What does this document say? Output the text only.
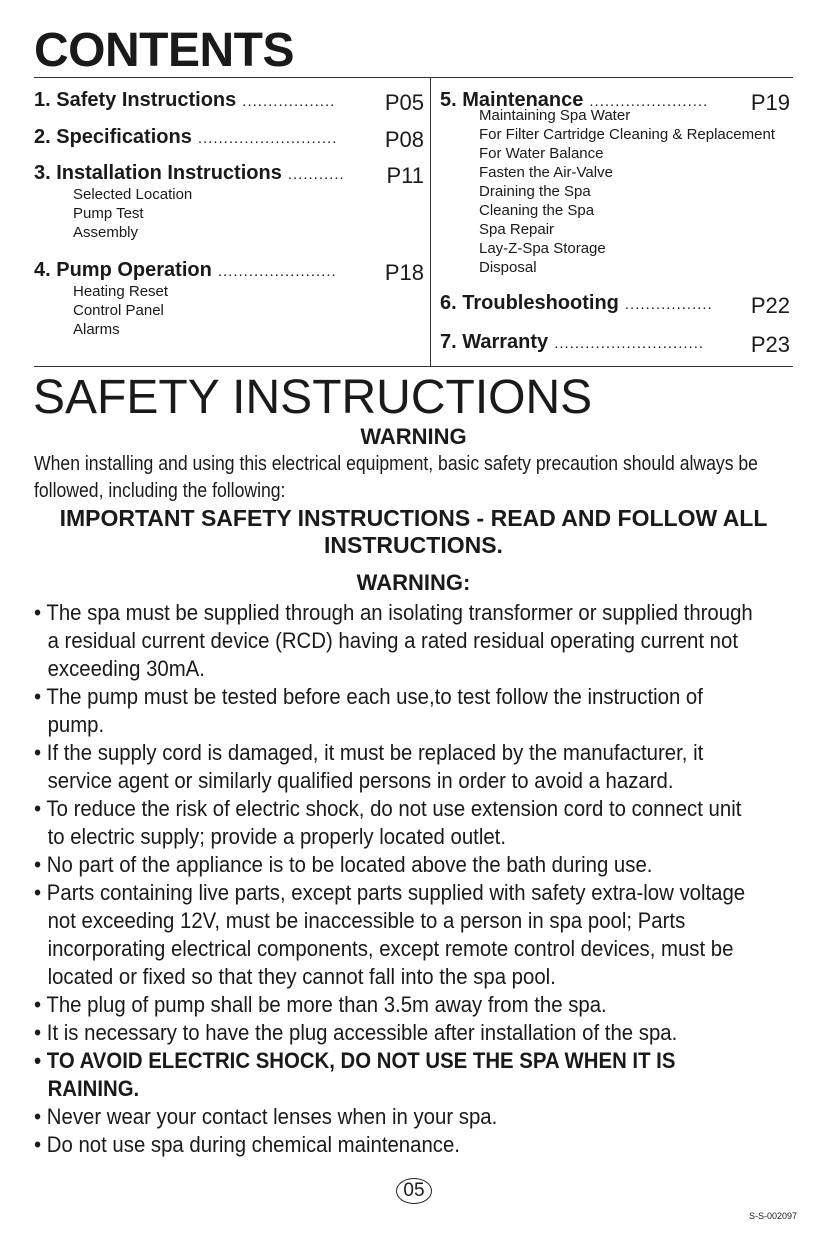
CONTENTS
1. Safety Instructions ..................	P05
2. Specifications ...........................	P08
3. Installation Instructions ...........	P11
Selected Location
Pump Test
Assembly
4. Pump Operation .......................	P18
Heating Reset
Control Panel
Alarms
5. Maintenance .......................	P19
Maintaining Spa Water
For Filter Cartridge Cleaning & Replacement
For Water Balance
Fasten the Air-Valve
Draining the Spa
Cleaning the Spa
Spa Repair
Lay-Z-Spa Storage
Disposal
6. Troubleshooting .................	P22
7. Warranty .............................	P23
SAFETY INSTRUCTIONS
WARNING

When installing and using this electrical equipment, basic safety precaution should always be followed, including the following:

IMPORTANT SAFETY INSTRUCTIONS - READ AND FOLLOW ALL INSTRUCTIONS.
WARNING:
• The spa must be supplied through an isolating transformer or supplied through a residual current device (RCD) having a rated residual operating current not exceeding 30mA.
• The pump must be tested before each use,to test follow the instruction of pump.
• If the supply cord is damaged, it must be replaced by the manufacturer, it service agent or similarly qualified persons in order to avoid a hazard.
• To reduce the risk of electric shock, do not use extension cord to connect unit to electric supply; provide a properly located outlet.
• No part of the appliance is to be located above the bath during use.
• Parts containing live parts, except parts supplied with safety extra-low voltage not exceeding 12V, must be inaccessible to a person in spa pool; Parts incorporating electrical components, except remote control devices, must be located or fixed so that they cannot fall into the spa pool.
• The plug of pump shall be more than 3.5m away from the spa.
• It is necessary to have the plug accessible after installation of the spa.
• TO AVOID ELECTRIC SHOCK, DO NOT USE THE SPA WHEN IT IS RAINING.
• Never wear your contact lenses when in your spa.
• Do not use spa during chemical maintenance.
05
S-S-002097
